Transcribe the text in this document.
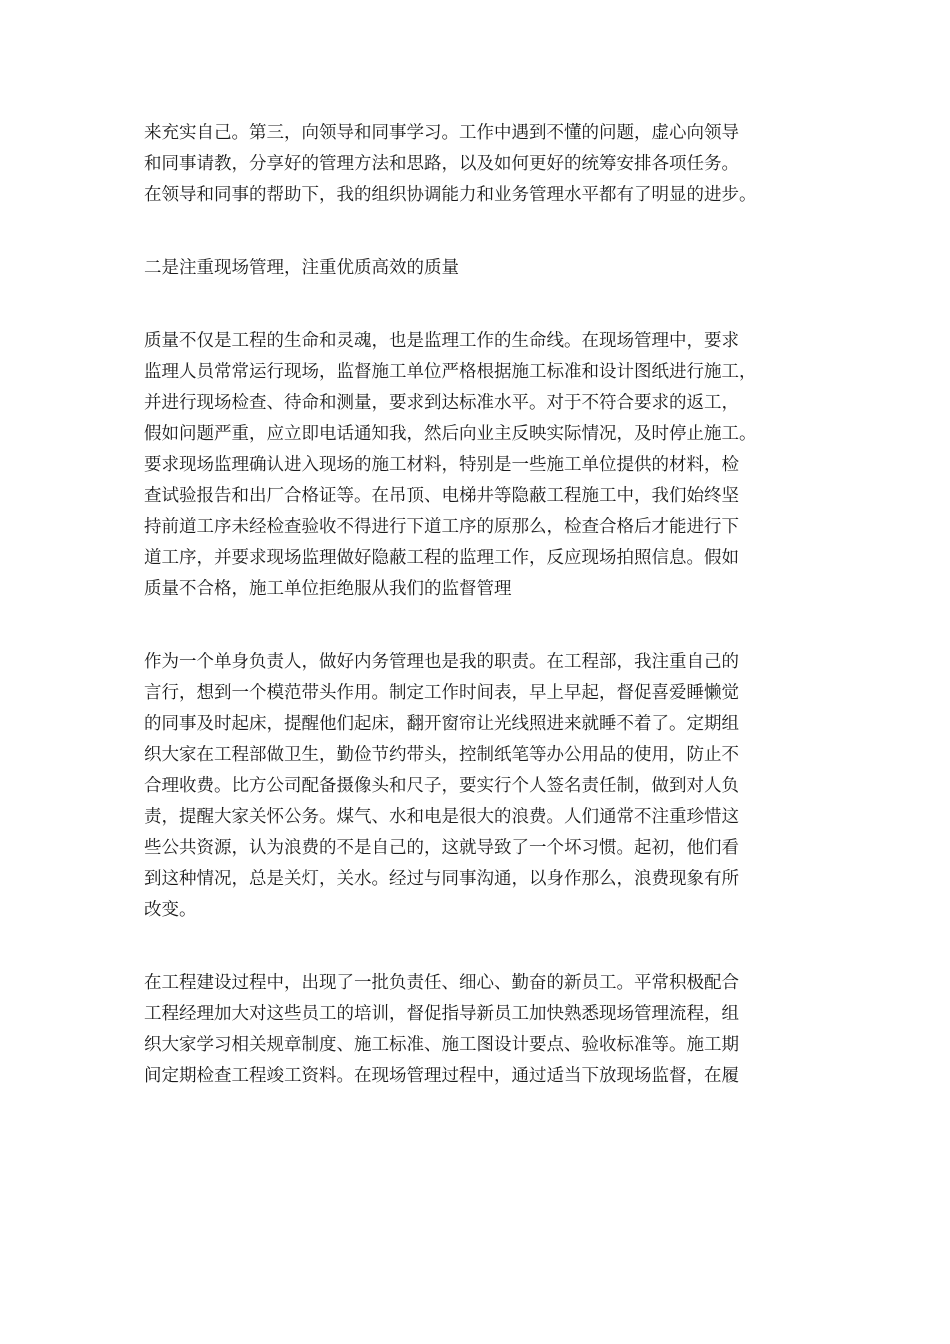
来充实自己。第三，向领导和同事学习。工作中遇到不懂的问题，虚心向领导
和同事请教，分享好的管理方法和思路，以及如何更好的统筹安排各项任务。
在领导和同事的帮助下，我的组织协调能力和业务管理水平都有了明显的进步。
二是注重现场管理，注重优质高效的质量
质量不仅是工程的生命和灵魂，也是监理工作的生命线。在现场管理中，要求
监理人员常常运行现场，监督施工单位严格根据施工标准和设计图纸进行施工，
并进行现场检查、待命和测量，要求到达标准水平。对于不符合要求的返工，
假如问题严重，应立即电话通知我，然后向业主反映实际情况，及时停止施工。
要求现场监理确认进入现场的施工材料，特别是一些施工单位提供的材料，检
查试验报告和出厂合格证等。在吊顶、电梯井等隐蔽工程施工中，我们始终坚
持前道工序未经检查验收不得进行下道工序的原那么，检查合格后才能进行下
道工序，并要求现场监理做好隐蔽工程的监理工作，反应现场拍照信息。假如
质量不合格，施工单位拒绝服从我们的监督管理
作为一个单身负责人，做好内务管理也是我的职责。在工程部，我注重自己的
言行，想到一个模范带头作用。制定工作时间表，早上早起，督促喜爱睡懒觉
的同事及时起床，提醒他们起床，翻开窗帘让光线照进来就睡不着了。定期组
织大家在工程部做卫生，勤俭节约带头，控制纸笔等办公用品的使用，防止不
合理收费。比方公司配备摄像头和尺子，要实行个人签名责任制，做到对人负
责，提醒大家关怀公务。煤气、水和电是很大的浪费。人们通常不注重珍惜这
些公共资源，认为浪费的不是自己的，这就导致了一个坏习惯。起初，他们看
到这种情况，总是关灯，关水。经过与同事沟通，以身作那么，浪费现象有所
改变。
在工程建设过程中，出现了一批负责任、细心、勤奋的新员工。平常积极配合
工程经理加大对这些员工的培训，督促指导新员工加快熟悉现场管理流程，组
织大家学习相关规章制度、施工标准、施工图设计要点、验收标准等。施工期
间定期检查工程竣工资料。在现场管理过程中，通过适当下放现场监督，在履
